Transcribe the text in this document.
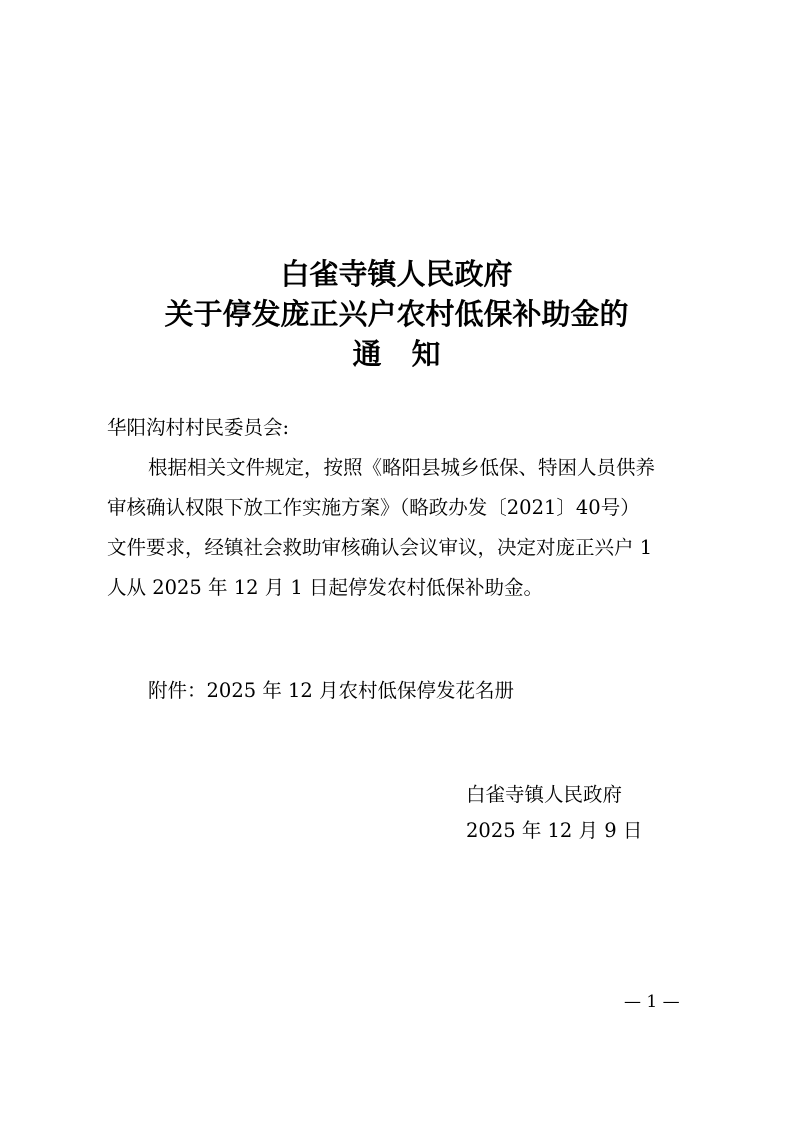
白雀寺镇人民政府
关于停发庞正兴户农村低保补助金的
通知
华阳沟村村民委员会:
根据相关文件规定，按照《略阳县城乡低保、特困人员供养
审核确认权限下放工作实施方案》（略政办发〔2021〕40号）
文件要求，经镇社会救助审核确认会议审议，决定对庞正兴户 1
人从 2025 年 12 月 1 日起停发农村低保补助金。
附件：2025 年 12 月农村低保停发花名册
白雀寺镇人民政府
2025 年 12 月 9 日
— 1 —
